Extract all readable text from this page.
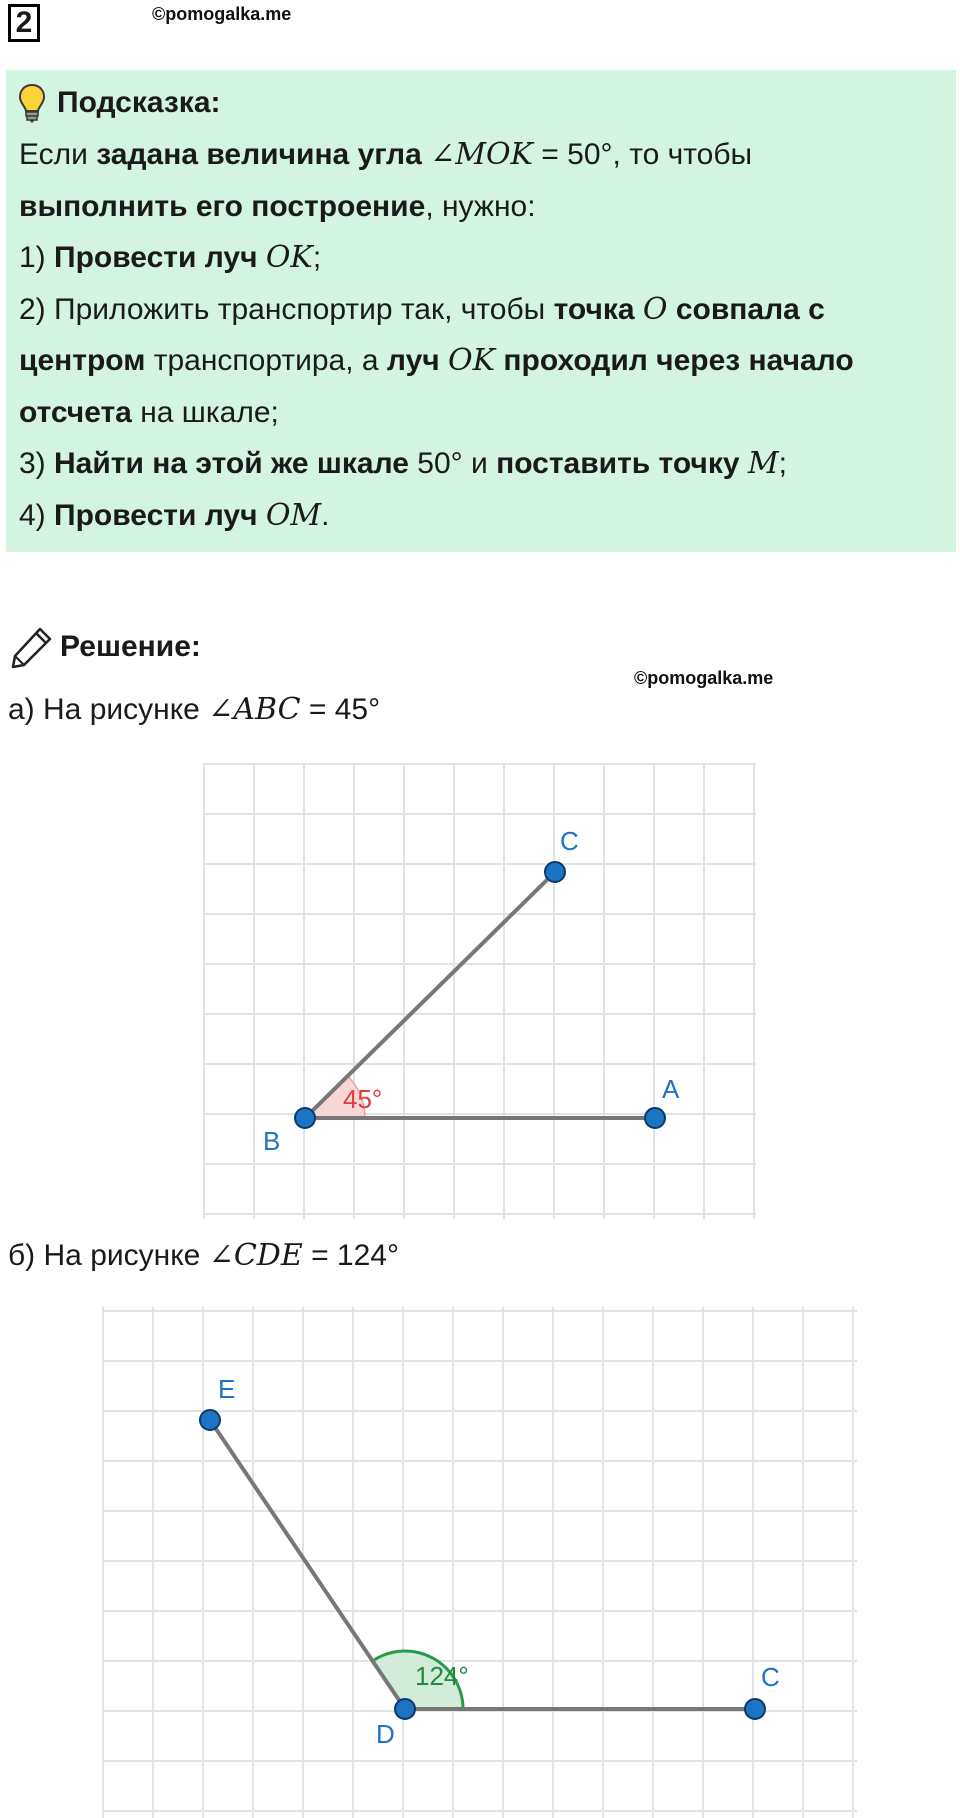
2	©pomogalka.me
Подсказка:

Если задана величина угла ∠MOK = 50°, то чтобы

выполнить его построение, нужно:

1) Провести луч OK;

2) Приложить транспортир так, чтобы точка O совпала с

центром транспортира, а луч OK проходил через начало

отсчета на шкале;

3) Найти на этой же шкале 50° и поставить точку M;

4) Провести луч OM.

Решение:
©pomogalka.me
а) На рисунке ∠ABC = 45°
45°
B
A
C
б) На рисунке ∠CDE = 124°
124°
D
C
E
